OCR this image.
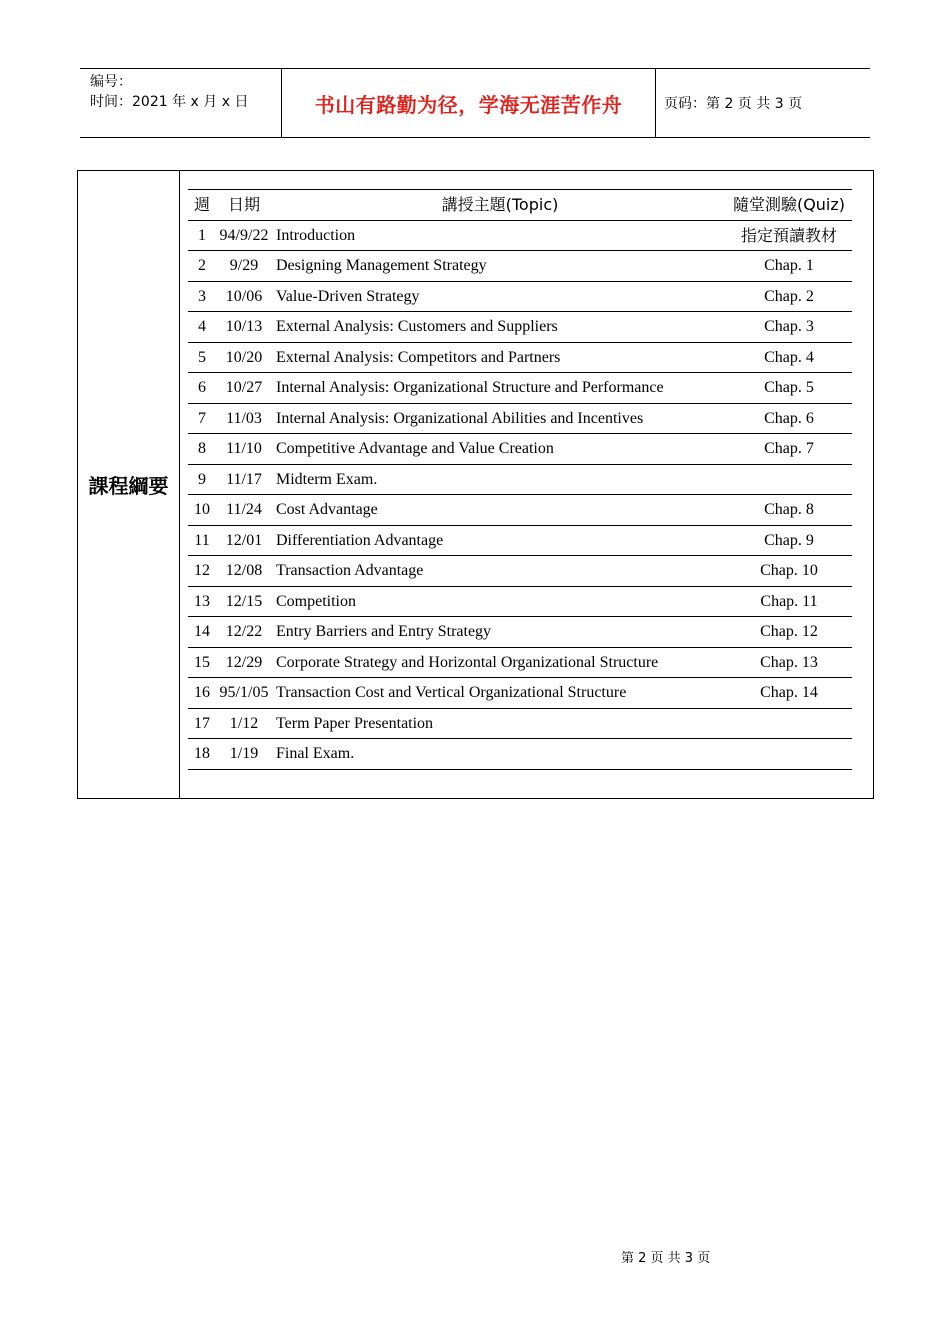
编号：
时间：2021 年 x 月 x 日	书山有路勤为径，学海无涯苦作舟	页码：第 2 页 共 3 页
課程綱要
週	日期	講授主題(Topic)	隨堂測驗(Quiz)
1 94/9/22 Introduction	指定預讀教材
2	9/29	Designing Management Strategy	Chap. 1
3	10/06 Value-Driven Strategy	Chap. 2
4	10/13 External Analysis: Customers and Suppliers	Chap. 3
5	10/20 External Analysis: Competitors and Partners	Chap. 4
6	10/27 Internal Analysis: Organizational Structure and Performance	Chap. 5
7	11/03 Internal Analysis: Organizational Abilities and Incentives	Chap. 6
8	11/10 Competitive Advantage and Value Creation	Chap. 7
9	11/17 Midterm Exam.
10	11/24 Cost Advantage	Chap. 8
11	12/01 Differentiation Advantage	Chap. 9
12 12/08 Transaction Advantage	Chap. 10
13 12/15 Competition	Chap. 11
14 12/22 Entry Barriers and Entry Strategy	Chap. 12
15 12/29 Corporate Strategy and Horizontal Organizational Structure	Chap. 13
16 95/1/05 Transaction Cost and Vertical Organizational Structure	Chap. 14
17	1/12	Term Paper Presentation
18	1/19	Final Exam.
第 2 页 共 3 页
